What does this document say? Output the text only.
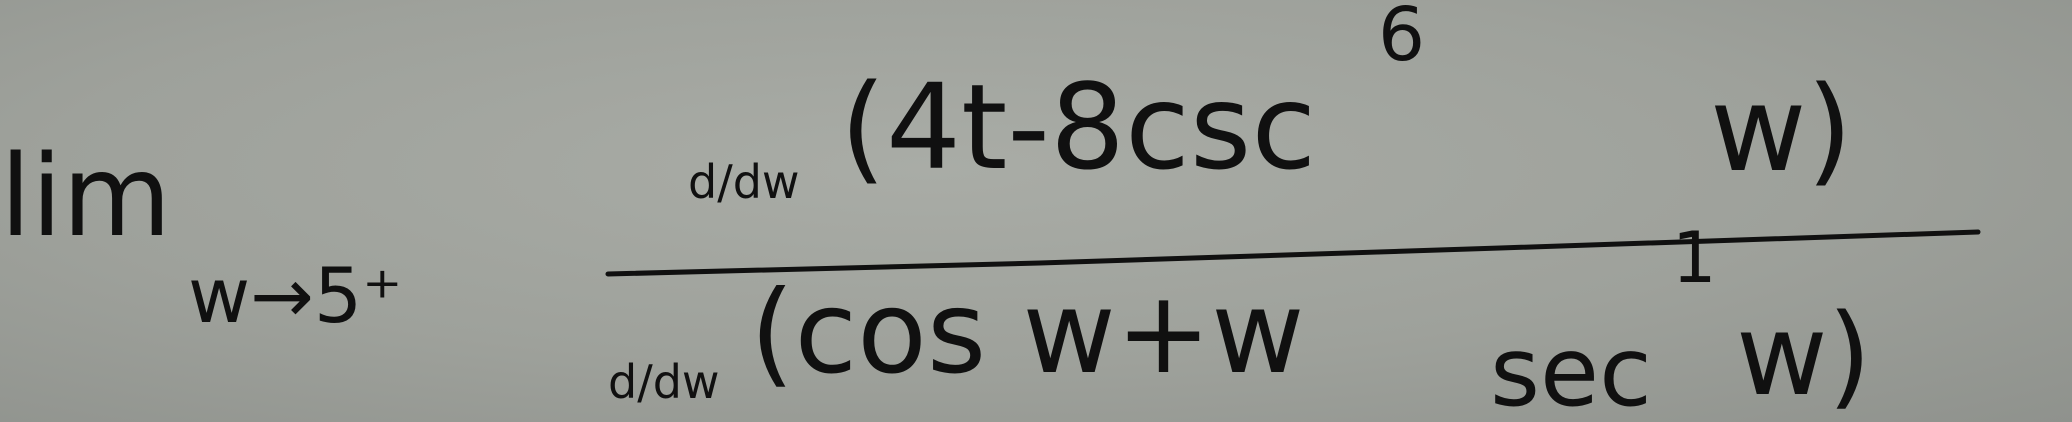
lim
w→5⁺
d/dw (4t-8csc
6
w)
d/dw (cos w+w sec
1
w)
